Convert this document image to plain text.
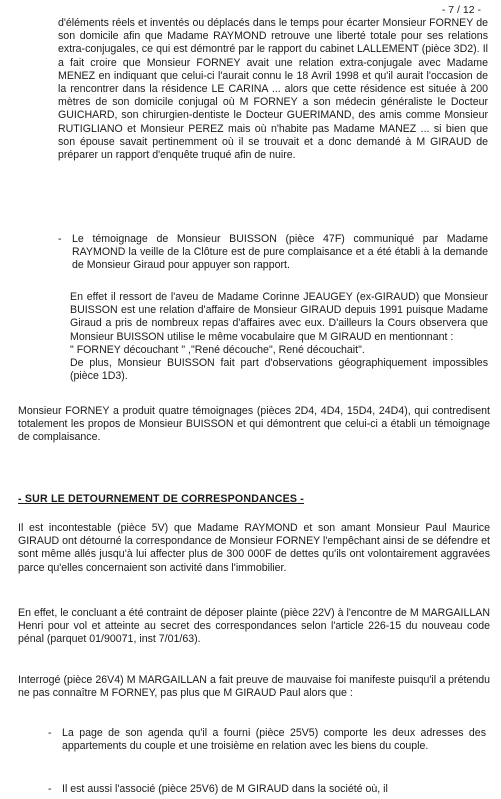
- 7 / 12 -

d'éléments réels et inventés ou déplacés dans le temps pour écarter Monsieur FORNEY de son domicile afin que Madame RAYMOND retrouve une liberté totale pour ses relations extra-conjugales, ce qui est démontré par le rapport du cabinet LALLEMENT (pièce 3D2). Il a fait croire que Monsieur FORNEY avait une relation extra-conjugale avec Madame MENEZ en indiquant que celui-ci l'aurait connu le 18 Avril 1998 et qu'il aurait l'occasion de la rencontrer dans la résidence LE CARINA ... alors que cette résidence est située à 200 mètres de son domicile conjugal où M FORNEY a son médecin généraliste le Docteur GUICHARD, son chirurgien-dentiste le Docteur GUERIMAND, des amis comme Monsieur RUTIGLIANO et Monsieur PEREZ mais où n'habite pas Madame MANEZ ... si bien que son épouse savait pertinemment où il se trouvait et a donc demandé à M GIRAUD de préparer un rapport d'enquête truqué afin de nuire.

- Le témoignage de Monsieur BUISSON (pièce 47F) communiqué par Madame RAYMOND la veille de la Clôture est de pure complaisance et a été établi à la demande de Monsieur Giraud pour appuyer son rapport.

En effet il ressort de l'aveu de Madame Corinne JEAUGEY (ex-GIRAUD) que Monsieur BUISSON est une relation d'affaire de Monsieur GIRAUD depuis 1991 puisque Madame Giraud a pris de nombreux repas d'affaires avec eux. D'ailleurs la Cours observera que Monsieur BUISSON utilise le même vocabulaire que M GIRAUD en mentionnant :

" FORNEY découchant " ,"René découche", René découchait".

De plus, Monsieur BUISSON fait part d'observations géographiquement impossibles (pièce 1D3).

Monsieur FORNEY a produit quatre témoignages (pièces 2D4, 4D4, 15D4, 24D4), qui contredisent totalement les propos de Monsieur BUISSON et qui démontrent que celui-ci a établi un témoignage de complaisance.

- SUR LE DETOURNEMENT DE CORRESPONDANCES -

Il est incontestable (pièce 5V) que Madame RAYMOND et son amant Monsieur Paul Maurice GIRAUD ont détourné la correspondance de Monsieur FORNEY l'empêchant ainsi de se défendre et sont même allés jusqu'à lui affecter plus de 300 000F de dettes qu'ils ont volontairement aggravées parce qu'elles concernaient son activité dans l'immobilier.

En effet, le concluant a été contraint de déposer plainte (pièce 22V) à l'encontre de M MARGAILLAN Henri pour vol et atteinte au secret des correspondances selon l'article 226-15 du nouveau code pénal (parquet 01/90071, inst 7/01/63).

Interrogé (pièce 26V4) M MARGAILLAN a fait preuve de mauvaise foi manifeste puisqu'il a prétendu ne pas connaître M FORNEY, pas plus que M GIRAUD Paul alors que :

- La page de son agenda qu'il a fourni (pièce 25V5) comporte les deux adresses des appartements du couple et une troisième en relation avec les biens du couple.
- Il est aussi l'associé (pièce 25V6) de M GIRAUD dans la société où, il
